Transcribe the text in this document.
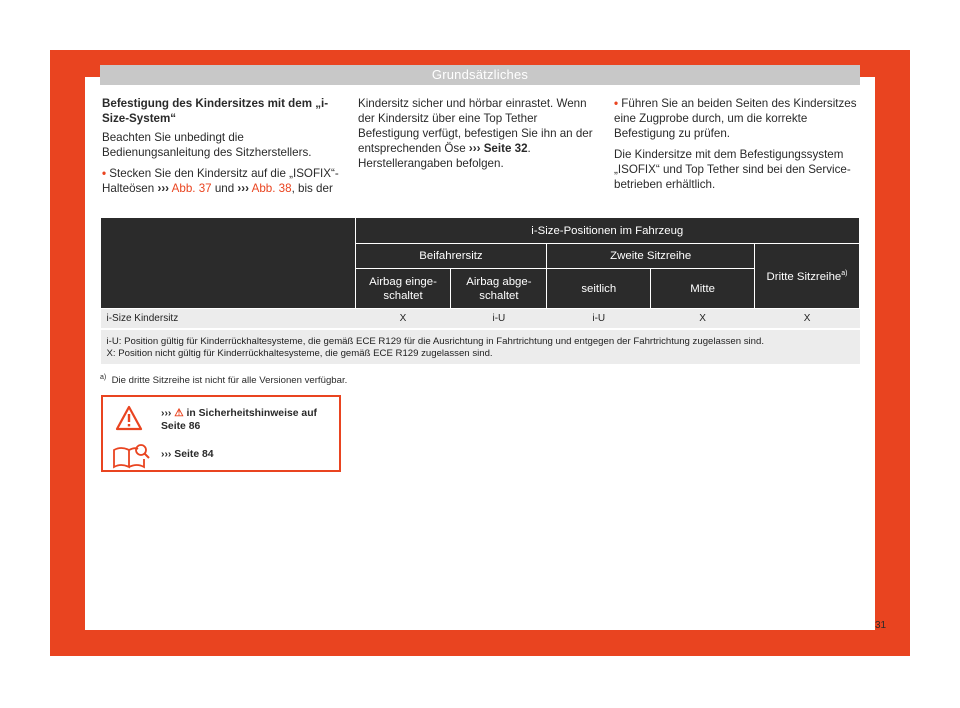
Grundsätzliches
Befestigung des Kindersitzes mit dem „i-Size-System“

Beachten Sie unbedingt die Bedienungsanleitung des Sitzherstellers.

• Stecken Sie den Kindersitz auf die „ISOFIX“-Halteösen ››› Abb. 37 und ››› Abb. 38, bis der

Kindersitz sicher und hörbar einrastet. Wenn der Kindersitz über eine Top Tether Befestigung verfügt, befestigen Sie ihn an der entsprechenden Öse ››› Seite 32. Herstellerangaben befolgen.

• Führen Sie an beiden Seiten des Kindersitzes eine Zugprobe durch, um die korrekte Befestigung zu prüfen.

Die Kindersitze mit dem Befestigungssystem „ISOFIX“ und Top Tether sind bei den Service-betrieben erhältlich.

	i-Size-Positionen im Fahrzeug				
	Beifahrersitz		Zweite Sitzreihe		Dritte Sitzreihe$^{a)}$
	Airbag einge-schaltet	Airbag abge-schaltet	seitlich	Mitte	
i-Size Kindersitz	X	i-U	i-U	X	X

i-U: Position gültig für Kinderrückhaltesysteme, die gemäß ECE R129 für die Ausrichtung in Fahrtrichtung und entgegen der Fahrtrichtung zugelassen sind.
X: Position nicht gültig für Kinderrückhaltesysteme, die gemäß ECE R129 zugelassen sind.					
$^{a)}$ Die dritte Sitzreihe ist nicht für alle Versionen verfügbar.
››› ⚠ in Sicherheitshinweise auf Seite 86
››› Seite 84
31
